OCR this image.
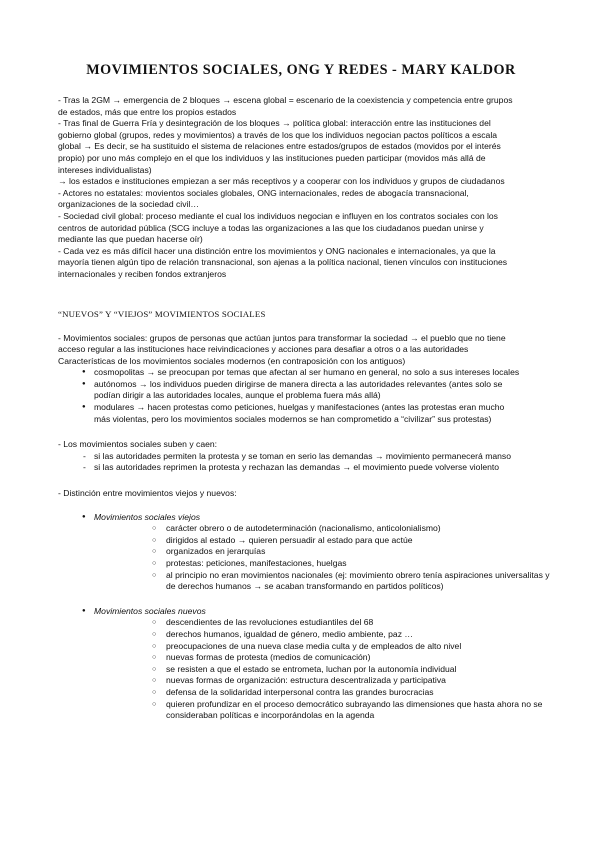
MOVIMIENTOS SOCIALES, ONG Y REDES - MARY KALDOR
- Tras la 2GM → emergencia de 2 bloques → escena global = escenario de la coexistencia y competencia entre grupos
de estados, más que entre los propios estados
- Tras final de Guerra Fría y desintegración de los bloques → política global: interacción entre las instituciones del
gobierno global (grupos, redes y movimientos) a través de los que los individuos negocian pactos políticos a escala
global → Es decir, se ha sustituido el sistema de relaciones entre estados/grupos de estados (movidos por el interés
propio) por uno más complejo en el que los individuos y las instituciones pueden participar (movidos más allá de
intereses individualistas)
→ los estados e instituciones empiezan a ser más receptivos y a cooperar con los individuos y grupos de ciudadanos
- Actores no estatales: movientos sociales globales, ONG internacionales, redes de abogacía transnacional,
organizaciones de la sociedad civil…
- Sociedad civil global: proceso mediante el cual los individuos negocian e influyen en los contratos sociales con los
centros de autoridad pública (SCG incluye a todas las organizaciones a las que los ciudadanos puedan unirse y
mediante las que puedan hacerse oír)
- Cada vez es más difícil hacer una distinción entre los movimientos y ONG nacionales e internacionales, ya que la
mayoría tienen algún tipo de relación transnacional, son ajenas a la política nacional, tienen vínculos con instituciones
internacionales y reciben fondos extranjeros
“NUEVOS” Y “VIEJOS” MOVIMIENTOS SOCIALES
- Movimientos sociales: grupos de personas que actúan juntos para transformar la sociedad → el pueblo que no tiene
acceso regular a las instituciones hace reivindicaciones y acciones para desafiar a otros o a las autoridades
Características de los movimientos sociales modernos (en contraposición con los antiguos)
● cosmopolitas → se preocupan por temas que afectan al ser humano en general, no solo a sus intereses locales
● autónomos → los individuos pueden dirigirse de manera directa a las autoridades relevantes (antes solo se
podían dirigir a las autoridades locales, aunque el problema fuera más allá)
● modulares → hacen protestas como peticiones, huelgas y manifestaciones (antes las protestas eran mucho
más violentas, pero los movimientos sociales modernos se han comprometido a “civilizar” sus protestas)
- Los movimientos sociales suben y caen:
- si las autoridades permiten la protesta y se toman en serio las demandas → movimiento permanecerá manso
- si las autoridades reprimen la protesta y rechazan las demandas → el movimiento puede volverse violento
- Distinción entre movimientos viejos y nuevos:
● Movimientos sociales viejos
○ carácter obrero o de autodeterminación (nacionalismo, anticolonialismo)
○ dirigidos al estado → quieren persuadir al estado para que actúe
○ organizados en jerarquías
○ protestas: peticiones, manifestaciones, huelgas
○ al principio no eran movimientos nacionales (ej: movimiento obrero tenía aspiraciones universalitas y
de derechos humanos → se acaban transformando en partidos políticos)
● Movimientos sociales nuevos
○ descendientes de las revoluciones estudiantiles del 68
○ derechos humanos, igualdad de género, medio ambiente, paz …
○ preocupaciones de una nueva clase media culta y de empleados de alto nivel
○ nuevas formas de protesta (medios de comunicación)
○ se resisten a que el estado se entrometa, luchan por la autonomía individual
○ nuevas formas de organización: estructura descentralizada y participativa
○ defensa de la solidaridad interpersonal contra las grandes burocracias
○ quieren profundizar en el proceso democrático subrayando las dimensiones que hasta ahora no se
consideraban políticas e incorporándolas en la agenda
